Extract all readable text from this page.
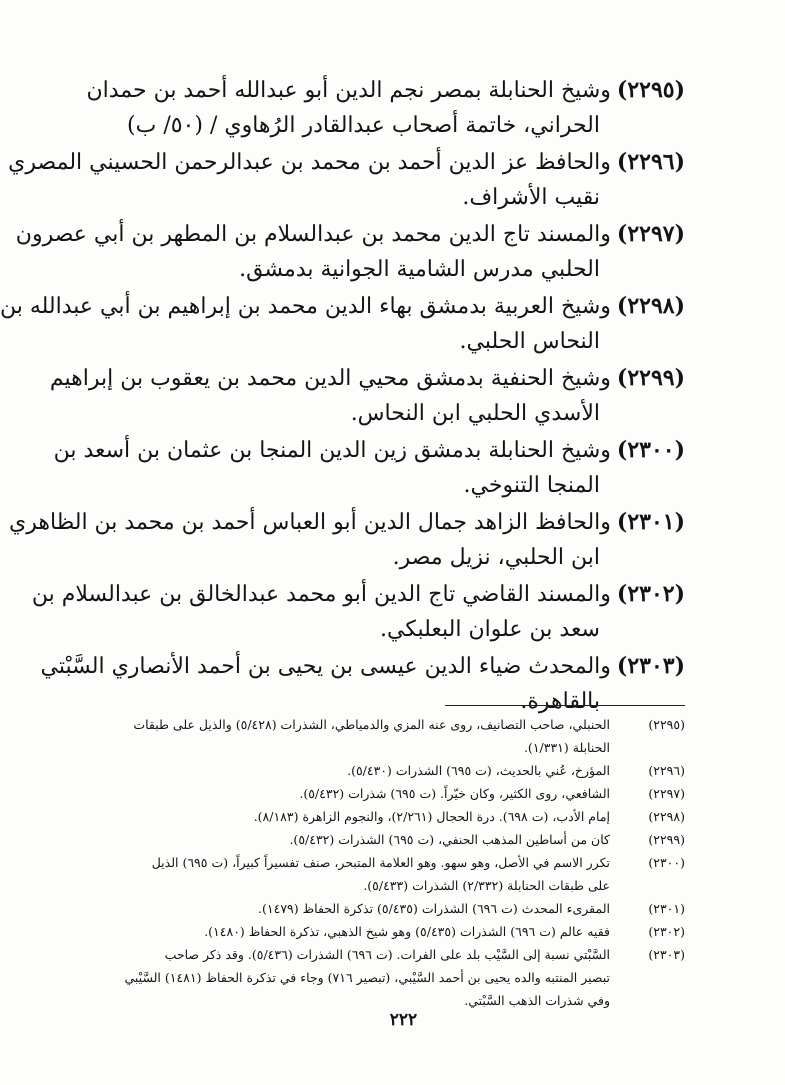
(٢٢٩٥)وشيخ الحنابلة بمصر نجم الدين أبو عبدالله أحمد بن حمدان
الحراني، خاتمة أصحاب عبدالقادر الرُهاوي / (٥٠/ ب)
(٢٢٩٦)والحافظ عز الدين أحمد بن محمد بن عبدالرحمن الحسيني المصري
نقيب الأشراف.
(٢٢٩٧)والمسند تاج الدين محمد بن عبدالسلام بن المطهر بن أبي عصرون
الحلبي مدرس الشامية الجوانية بدمشق.
(٢٢٩٨)وشيخ العربية بدمشق بهاء الدين محمد بن إبراهيم بن أبي عبدالله بن
النحاس الحلبي.
(٢٢٩٩)وشيخ الحنفية بدمشق محيي الدين محمد بن يعقوب بن إبراهيم
الأسدي الحلبي ابن النحاس.
(٢٣٠٠)وشيخ الحنابلة بدمشق زين الدين المنجا بن عثمان بن أسعد بن
المنجا التنوخي.
(٢٣٠١)والحافظ الزاهد جمال الدين أبو العباس أحمد بن محمد بن الظاهري
ابن الحلبي، نزيل مصر.
(٢٣٠٢)والمسند القاضي تاج الدين أبو محمد عبدالخالق بن عبدالسلام بن
سعد بن علوان البعلبكي.
(٢٣٠٣)والمحدث ضياء الدين عيسى بن يحيى بن أحمد الأنصاري السَّبْتي
بالقاهرة.
(٢٢٩٥)
الحنبلي، صاحب التصانيف، روى عنه المزي والدمياطي، الشذرات (٥/٤٢٨) والذيل على طبقات
الحنابلة (١/٣٣١).
(٢٢٩٦)
المؤرخ، عُني بالحديث، (ت ٦٩٥) الشذرات (٥/٤٣٠).
(٢٢٩٧)
الشافعي، روى الكثير، وكان خيّراً. (ت ٦٩٥) شذرات (٥/٤٣٢).
(٢٢٩٨)
إمام الأدب، (ت ٦٩٨). درة الحجال (٢/٢٦١)، والنجوم الزاهرة (٨/١٨٣).
(٢٢٩٩)
كان من أساطين المذهب الحنفي، (ت ٦٩٥) الشذرات (٥/٤٣٢).
(٢٣٠٠)
تكرر الاسم في الأصل، وهو سهو. وهو العلامة المتبحر، صنف تفسيراً كبيراً، (ت ٦٩٥) الذيل
على طبقات الحنابلة (٢/٣٣٢) الشذرات (٥/٤٣٣).
(٢٣٠١)
المقرىء المحدث (ت ٦٩٦) الشذرات (٥/٤٣٥) تذكرة الحفاظ (١٤٧٩).
(٢٣٠٢)
فقيه عالم (ت ٦٩٦) الشذرات (٥/٤٣٥) وهو شيخ الذهبي، تذكرة الحفاظ (١٤٨٠).
(٢٣٠٣)
السَّبْتي نسبة إلى السَّيْب بلد على الفرات. (ت ٦٩٦) الشذرات (٥/٤٣٦). وقد ذكر صاحب
تبصير المنتبه والده يحيى بن أحمد السَّيْبي، (تبصير ٧١٦) وجاء في تذكرة الحفاظ (١٤٨١) السَّيْبي
وفي شذرات الذهب السَّبْتي.
٢٢٢
